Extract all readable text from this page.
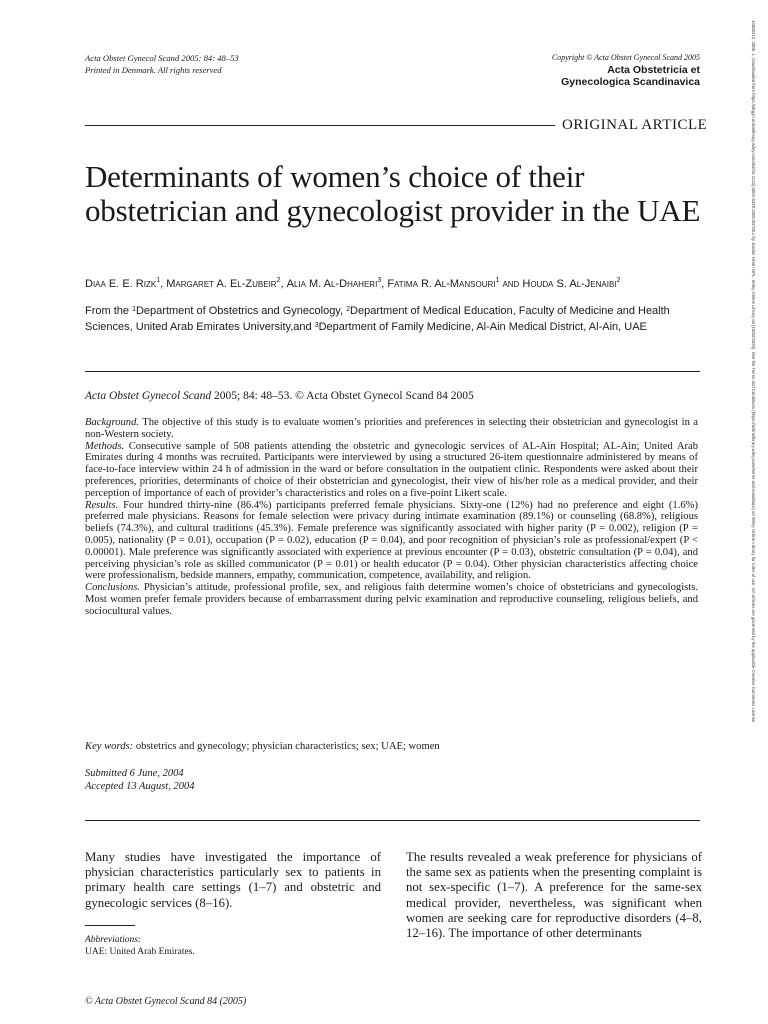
Acta Obstet Gynecol Scand 2005: 84: 48–53
Printed in Denmark. All rights reserved
Copyright © Acta Obstet Gynecol Scand 2005
Acta Obstetricia et
Gynecologica Scandinavica
ORIGINAL ARTICLE
Determinants of women’s choice of their obstetrician and gynecologist provider in the UAE
Diaa E. E. Rizk$^1$, Margaret A. El-Zubeir$^2$, Alia M. Al-Dhaheri$^3$, Fatima R. Al-Mansouri$^1$ and Houda S. Al-Jenaibi$^2$
From the $^1$Department of Obstetrics and Gynecology, $^2$Department of Medical Education, Faculty of Medicine and Health Sciences, United Arab Emirates University,and $^3$Department of Family Medicine, Al-Ain Medical District, Al-Ain, UAE
Acta Obstet Gynecol Scand 2005; 84: 48–53. © Acta Obstet Gynecol Scand 84 2005

Background. The objective of this study is to evaluate women’s priorities and preferences in selecting their obstetrician and gynecologist in a non-Western society.

Methods. Consecutive sample of 508 patients attending the obstetric and gynecologic services of AL-Ain Hospital; AL-Ain; United Arab Emirates during 4 months was recruited. Participants were interviewed by using a structured 26-item questionnaire administered by means of face-to-face interview within 24 h of admission in the ward or before consultation in the outpatient clinic. Respondents were asked about their preferences, priorities, determinants of choice of their obstetrician and gynecologist, their view of his/her role as a medical provider, and their perception of importance of each of provider’s characteristics and roles on a five-point Likert scale.

Results. Four hundred thirty-nine (86.4%) participants preferred female physicians. Sixty-one (12%) had no preference and eight (1.6%) preferred male physicians. Reasons for female selection were privacy during intimate examination (89.1%) or counseling (68.8%), religious beliefs (74.3%), and cultural traditions (45.3%). Female preference was significantly associated with higher parity (P = 0.002), religion (P = 0.005), nationality (P = 0.01), occupation (P = 0.02), education (P = 0.04), and poor recognition of physician’s role as professional/expert (P < 0.00001). Male preference was significantly associated with experience at previous encounter (P = 0.03), obstetric consultation (P = 0.04), and perceiving physician’s role as skilled communicator (P = 0.01) or health educator (P = 0.04). Other physician characteristics affecting choice were professionalism, bedside manners, empathy, communication, competence, availability, and religion.

Conclusions. Physician’s attitude, professional profile, sex, and religious faith determine women’s choice of obstetricians and gynecologists. Most women prefer female providers because of embarrassment during pelvic examination and reproductive counseling, religious beliefs, and sociocultural values.

Key words: obstetrics and gynecology; physician characteristics; sex; UAE; women
Submitted 6 June, 2004
Accepted 13 August, 2004
Many studies have investigated the importance of physician characteristics particularly sex to patients in primary health care settings (1–7) and obstetric and gynecologic services (8–16).
The results revealed a weak preference for physicians of the same sex as patients when the presenting complaint is not sex-specific (1–7). A preference for the same-sex medical provider, nevertheless, was significant when women are seeking care for reproductive disorders (4–8, 12–16). The importance of other determinants
Abbreviations:
UAE: United Arab Emirates.
© Acta Obstet Gynecol Scand 84 (2005)
16000412, 2005, 1, Downloaded from https://obgyn.onlinelibrary.wiley.com/doi/10.1111/j.0001-6349.2005.00705.x by Jordan Hinari NPL, Wiley Online Library on [18/02/2025]. See the Terms and Conditions (https://onlinelibrary.wiley.com/terms-and-conditions) on Wiley Online Library for rules of use; OA articles are governed by the applicable Creative Commons License
